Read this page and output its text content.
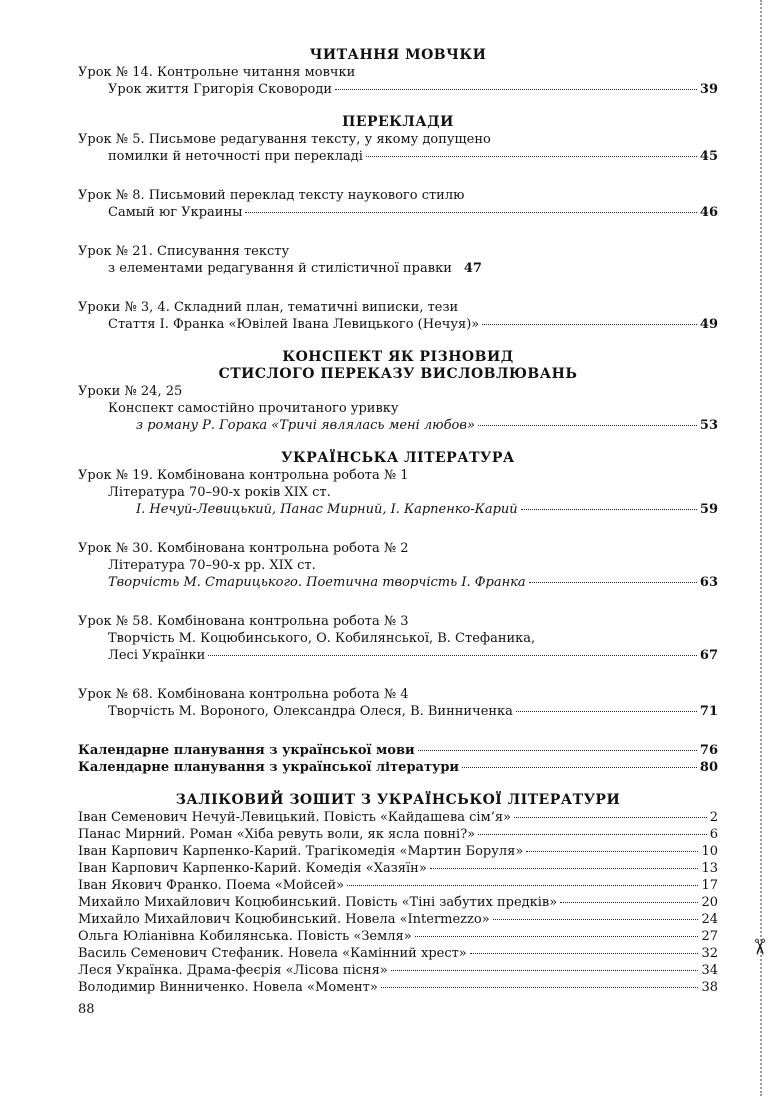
✂
ЧИТАННЯ МОВЧКИ
Урок № 14. Контрольне читання мовчки
Урок життя Григорія Сковороди	39
ПЕРЕКЛАДИ
Урок № 5. Письмове редагування тексту, у якому допущено
помилки й неточності при перекладі	45
Урок № 8. Письмовий переклад тексту наукового стилю
Самый юг Украины	46
Урок № 21. Списування тексту
з елементами редагування й стилістичної правки 47
Уроки № 3, 4. Складний план, тематичні виписки, тези
Стаття І. Франка «Ювілей Івана Левицького (Нечуя)»	49
КОНСПЕКТ ЯК РІЗНОВИД
СТИСЛОГО ПЕРЕКАЗУ ВИСЛОВЛЮВАНЬ
Уроки № 24, 25
Конспект самостійно прочитаного уривку
з роману Р. Горака «Тричі являлась мені любов»	53
УКРАЇНСЬКА ЛІТЕРАТУРА
Урок № 19. Комбінована контрольна робота № 1
Література 70–90-х років XIX ст.
І. Нечуй-Левицький, Панас Мирний, І. Карпенко-Карий	59
Урок № 30. Комбінована контрольна робота № 2
Література 70–90-х рр. XIX ст.
Творчість М. Старицького. Поетична творчість І. Франка	63
Урок № 58. Комбінована контрольна робота № 3
Творчість М. Коцюбинського, О. Кобилянської, В. Стефаника,
Лесі Українки	67
Урок № 68. Комбінована контрольна робота № 4
Творчість М. Вороного, Олександра Олеся, В. Винниченка	71
Календарне планування з української мови	76
Календарне планування з української літератури	80
ЗАЛІКОВИЙ ЗОШИТ З УКРАЇНСЬКОЇ ЛІТЕРАТУРИ
Іван Семенович Нечуй-Левицький. Повість «Кайдашева сім’я»	2
Панас Мирний. Роман «Хіба ревуть воли, як ясла повні?»	6
Іван Карпович Карпенко-Карий. Трагікомедія «Мартин Боруля»	10
Іван Карпович Карпенко-Карий. Комедія «Хазяїн»	13
Іван Якович Франко. Поема «Мойсей»	17
Михайло Михайлович Коцюбинський. Повість «Тіні забутих предків»	20
Михайло Михайлович Коцюбинський. Новела «Intermezzo»	24
Ольга Юліанівна Кобилянська. Повість «Земля»	27
Василь Семенович Стефаник. Новела «Камінний хрест»	32
Леся Українка. Драма-феєрія «Лісова пісня»	34
Володимир Винниченко. Новела «Момент»	38
88
